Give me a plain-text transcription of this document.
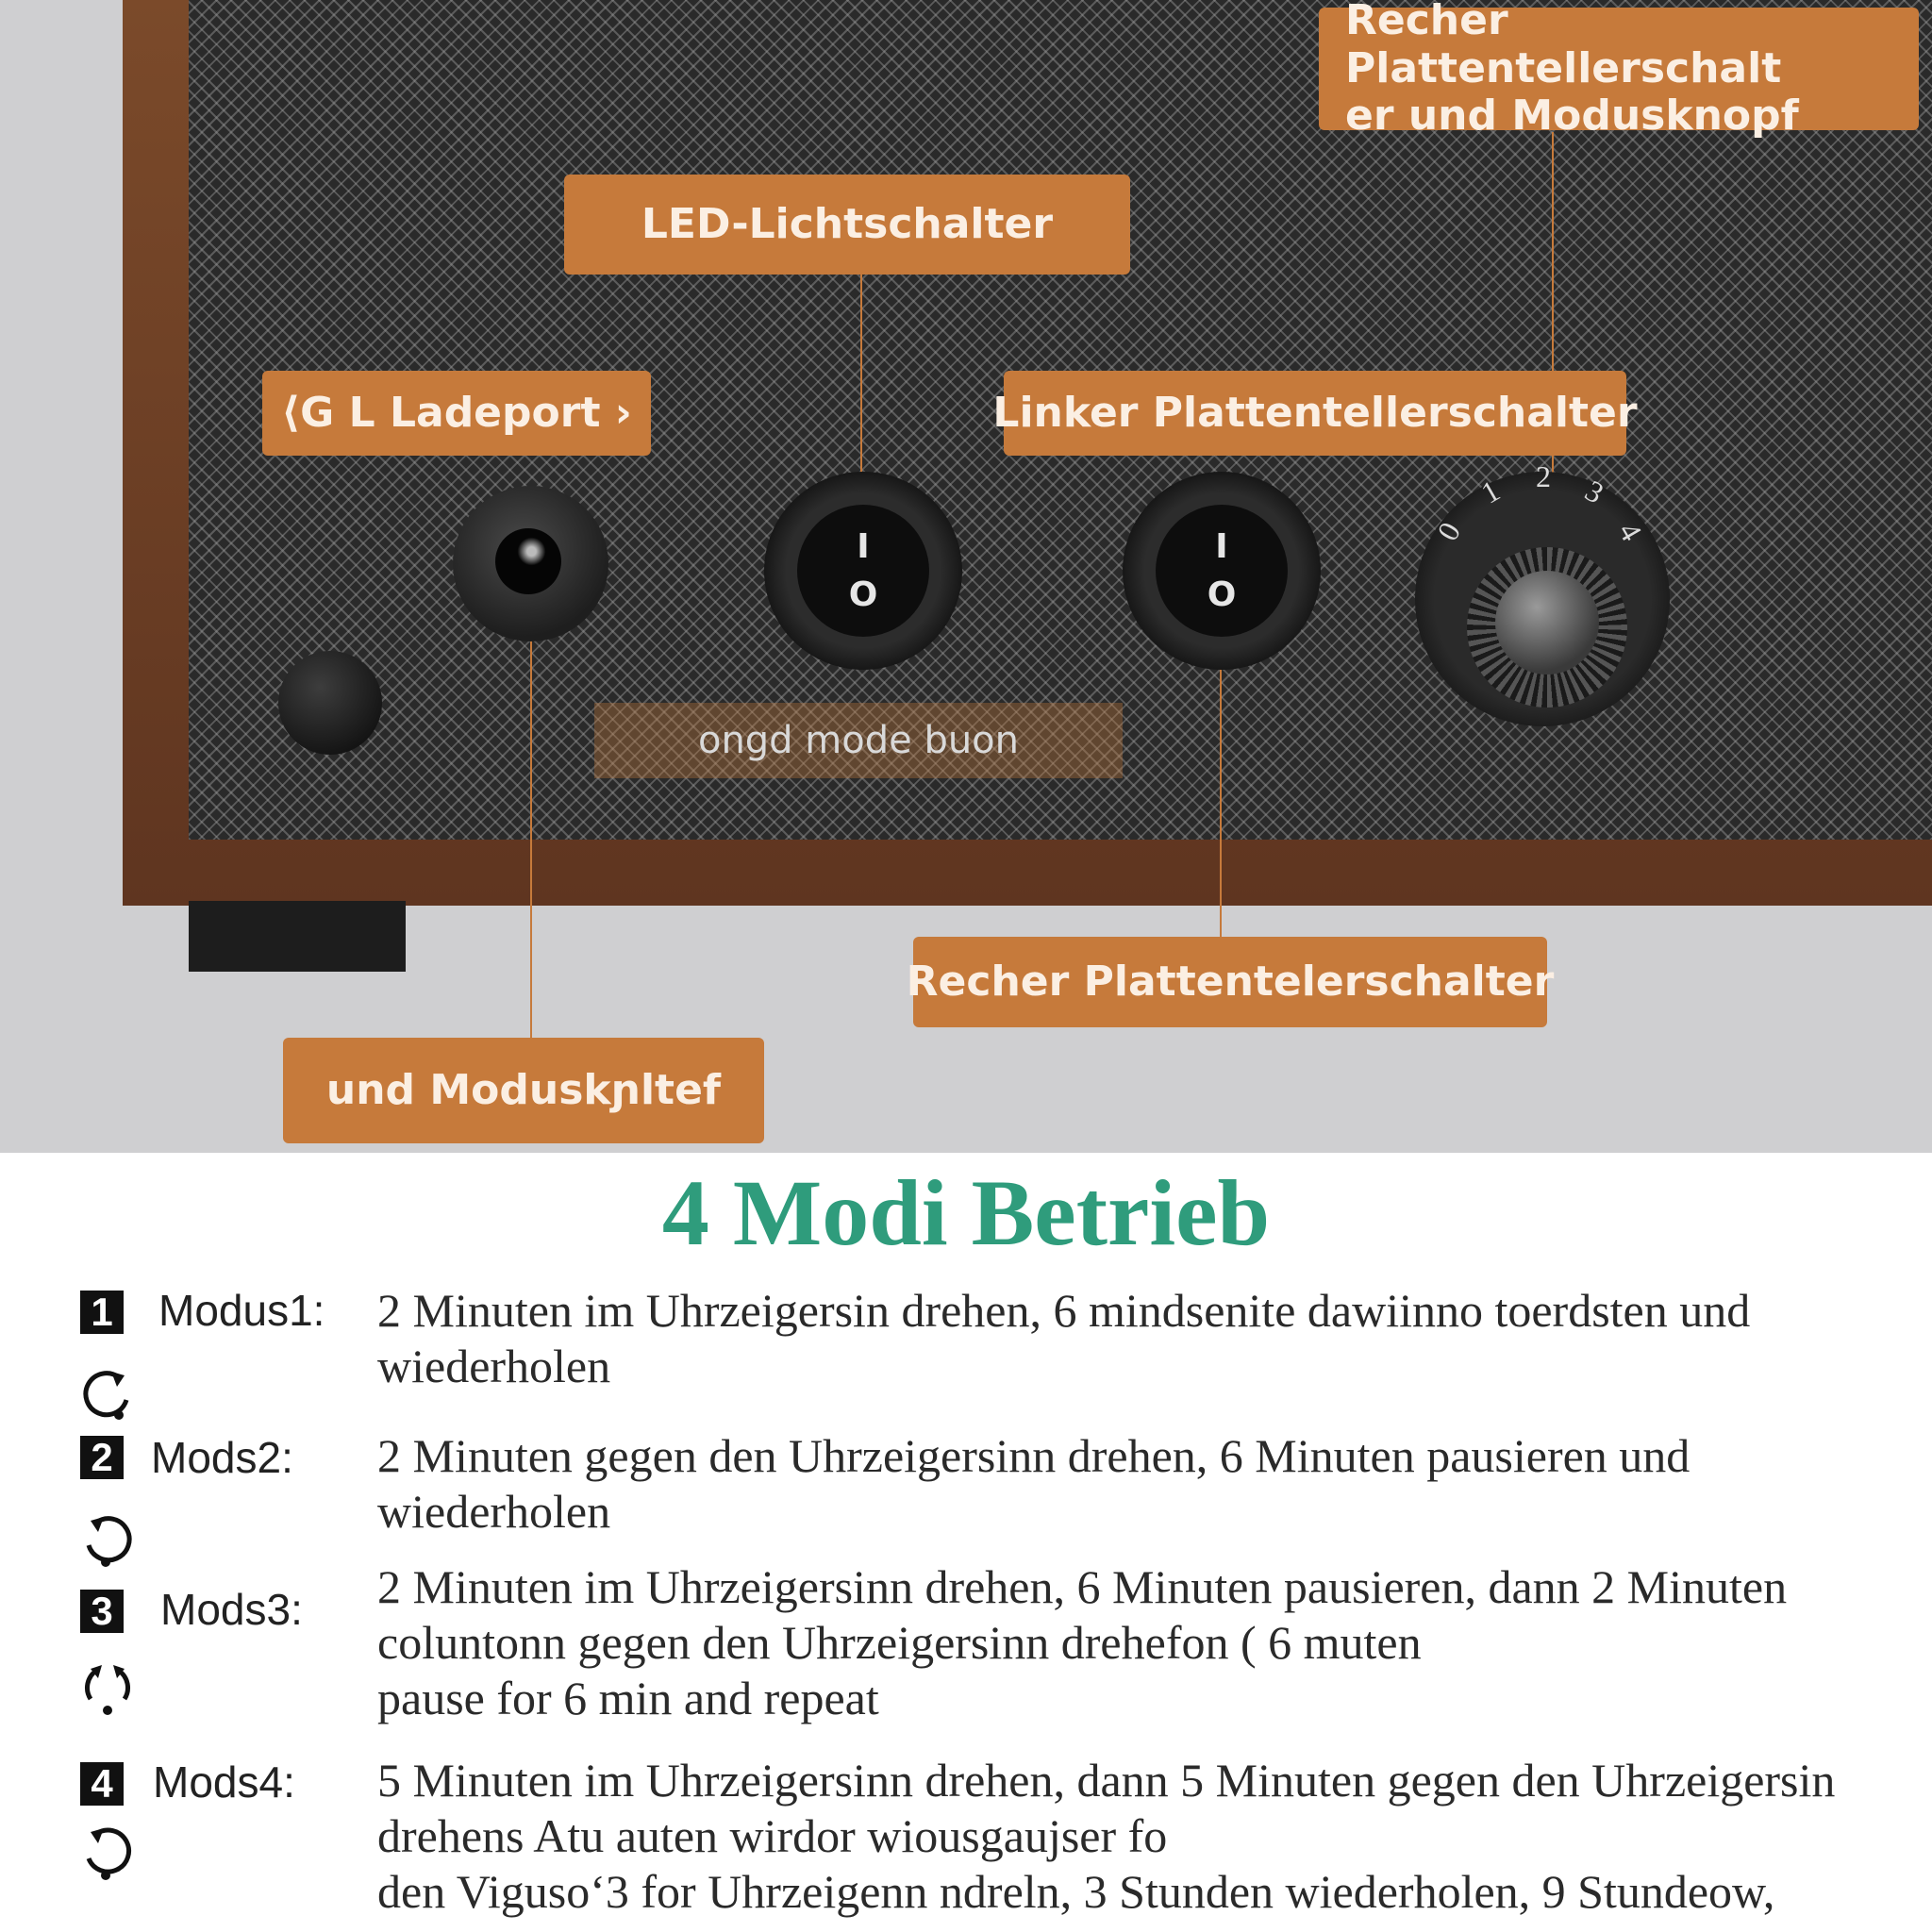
I
O
I
O
0
1 2 3
4
ongd mode buon
Recher Plattentellerschalt
er und Modusknopf
LED-Lichtschalter
⟨G L Ladeport ›	Linker Plattentellerschalter
Recher Plattentelerschalter
und Moduskɲltef
4 Modi Betrieb
1 Modus1: 2 Minuten im Uhrzeigersin drehen, 6 mindsenite dawiinno toerdsten und
wiederholen
2 Mods2: 2 Minuten gegen den Uhrzeigersinn drehen, 6 Minuten pausieren und
wiederholen
3 Mods3: 2 Minuten im Uhrzeigersinn drehen, 6 Minuten pausieren, dann 2 Minuten
coluntonn gegen den Uhrzeigersinn drehefon ( 6 muten
pause for 6 min and repeat
4 Mods4: 5 Minuten im Uhrzeigersinn drehen, dann 5 Minuten gegen den Uhrzeigersin
drehens Atu auten wirdor wiousgaujser fo
den Vigusoʻ3 for Uhrzeigenn ndreln, 3 Stunden wiederholen, 9 Stundeow,
